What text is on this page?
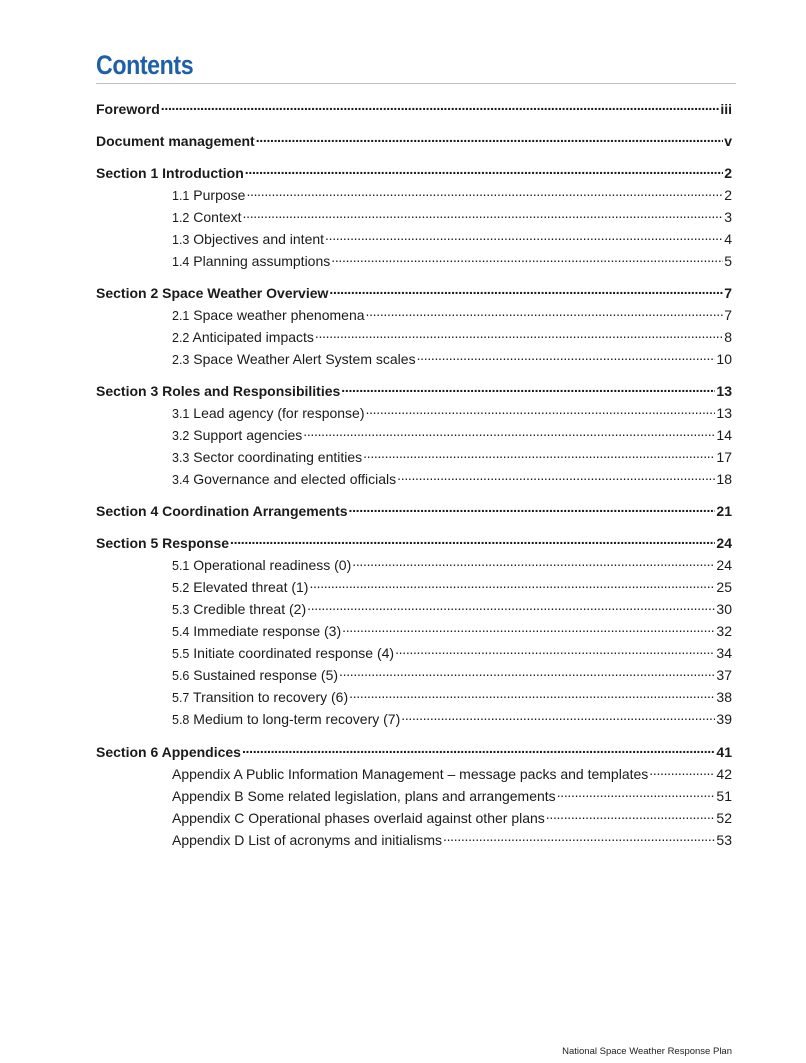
Contents
Foreword . . .	iii
Document management . . .	v
Section 1 Introduction . . .	2
1.1 Purpose . . .	2
1.2 Context . . .	3
1.3 Objectives and intent . . .	4
1.4 Planning assumptions . . .	5
Section 2 Space Weather Overview . . .	7
2.1 Space weather phenomena . . .	7
2.2 Anticipated impacts . . .	8
2.3 Space Weather Alert System scales . . .	10
Section 3 Roles and Responsibilities . . .	13
3.1 Lead agency (for response) . . .	13
3.2 Support agencies . . .	14
3.3 Sector coordinating entities . . .	17
3.4 Governance and elected officials . . .	18
Section 4 Coordination Arrangements . . .	21
Section 5 Response . . .	24
5.1 Operational readiness (0) . . .	24
5.2 Elevated threat (1) . . .	25
5.3 Credible threat (2) . . .	30
5.4 Immediate response (3) . . .	32
5.5 Initiate coordinated response (4) . . .	34
5.6 Sustained response (5) . . .	37
5.7 Transition to recovery (6) . . .	38
5.8 Medium to long-term recovery (7) . . .	39
Section 6 Appendices . . .	41
Appendix A Public Information Management – message packs and templates . . .	42
Appendix B Some related legislation, plans and arrangements . . .	51
Appendix C Operational phases overlaid against other plans . . .	52
Appendix D List of acronyms and initialisms . . .	53
National Space Weather Response Plan
